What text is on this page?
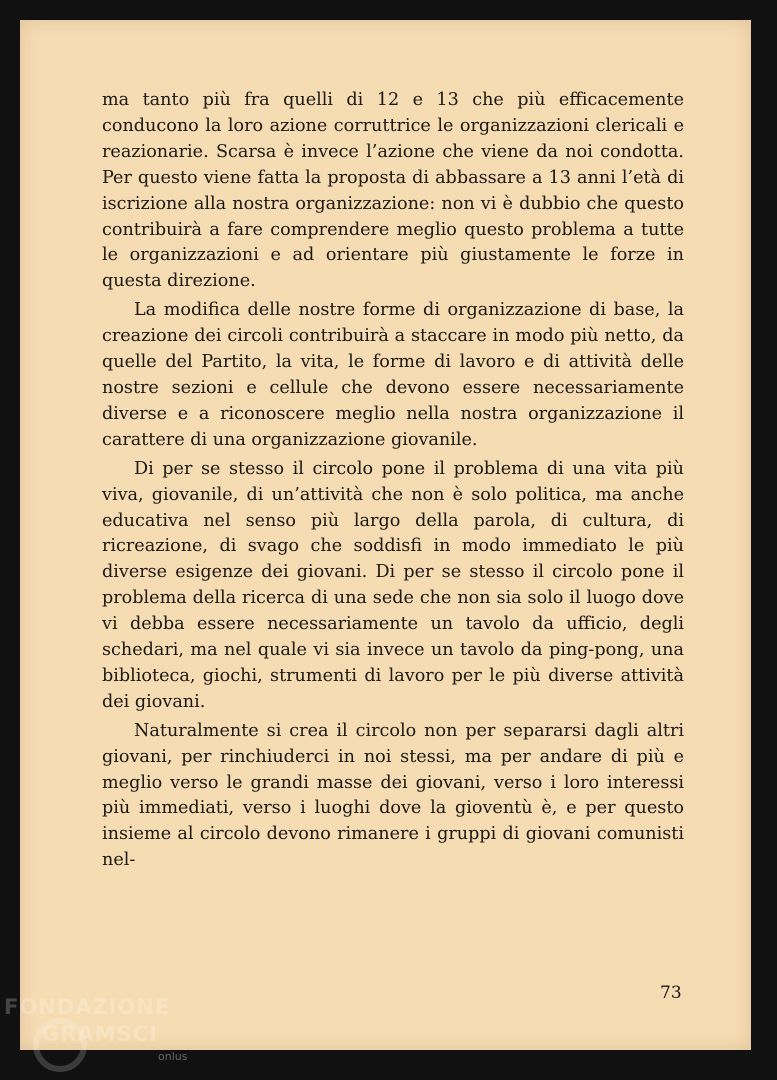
ma tanto più fra quelli di 12 e 13 che più efficacemente conducono la loro azione corruttrice le organizzazioni clericali e reazionarie. Scarsa è invece l’azione che viene da noi condotta. Per questo viene fatta la proposta di abbassare a 13 anni l’età di iscrizione alla nostra organizzazione: non vi è dubbio che questo contribuirà a fare comprendere meglio questo problema a tutte le organizzazioni e ad orientare più giustamente le forze in questa direzione.

La modifica delle nostre forme di organizzazione di base, la creazione dei circoli contribuirà a staccare in modo più netto, da quelle del Partito, la vita, le forme di lavoro e di attività delle nostre sezioni e cellule che devono essere necessariamente diverse e a riconoscere meglio nella nostra organizzazione il carattere di una organizzazione giovanile.

Di per se stesso il circolo pone il problema di una vita più viva, giovanile, di un’attività che non è solo politica, ma anche educativa nel senso più largo della parola, di cultura, di ricreazione, di svago che soddisfi in modo immediato le più diverse esigenze dei giovani. Di per se stesso il circolo pone il problema della ricerca di una sede che non sia solo il luogo dove vi debba essere necessariamente un tavolo da ufficio, degli schedari, ma nel quale vi sia invece un tavolo da ping-pong, una biblioteca, giochi, strumenti di lavoro per le più diverse attività dei giovani.

Naturalmente si crea il circolo non per separarsi dagli altri giovani, per rinchiuderci in noi stessi, ma per andare di più e meglio verso le grandi masse dei giovani, verso i loro interessi più immediati, verso i luoghi dove la gioventù è, e per questo insieme al circolo devono rimanere i gruppi di giovani comunisti nel-

73
FONDAZIONE
GRAMSCI
onlus
